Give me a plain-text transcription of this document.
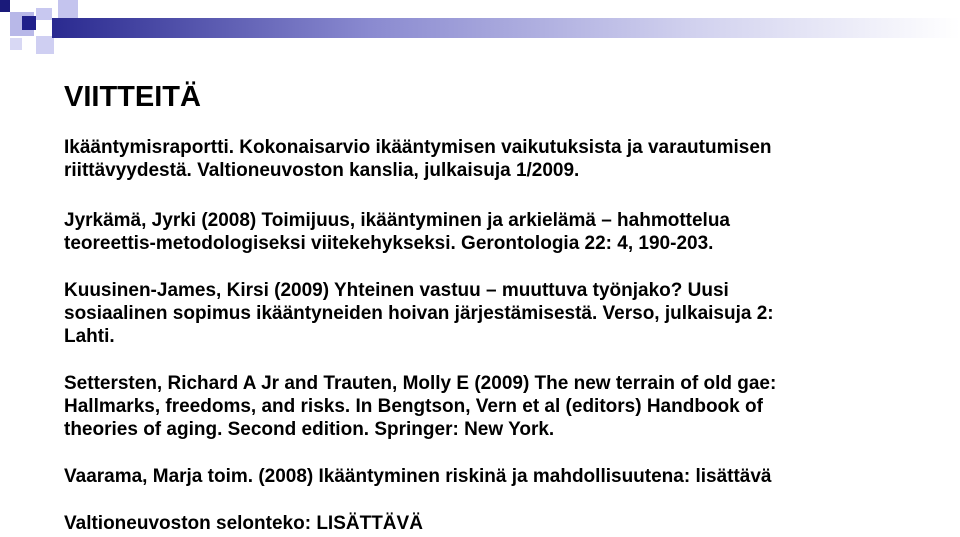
VIITTEITÄ
Ikääntymisraportti. Kokonaisarvio ikääntymisen vaikutuksista ja varautumisen
riittävyydestä. Valtioneuvoston kanslia, julkaisuja 1/2009.
Jyrkämä, Jyrki (2008) Toimijuus, ikääntyminen ja arkielämä – hahmottelua
teoreettis-metodologiseksi viitekehykseksi. Gerontologia 22: 4, 190-203.
Kuusinen-James, Kirsi (2009) Yhteinen vastuu – muuttuva työnjako? Uusi
sosiaalinen sopimus ikääntyneiden hoivan järjestämisestä. Verso, julkaisuja 2:
Lahti.
Settersten, Richard A Jr and Trauten, Molly E (2009) The new terrain of old gae:
Hallmarks, freedoms, and risks. In Bengtson, Vern et al (editors) Handbook of
theories of aging. Second edition. Springer: New York.
Vaarama, Marja toim. (2008) Ikääntyminen riskinä ja mahdollisuutena: lisättävä
Valtioneuvoston selonteko: LISÄTTÄVÄ
